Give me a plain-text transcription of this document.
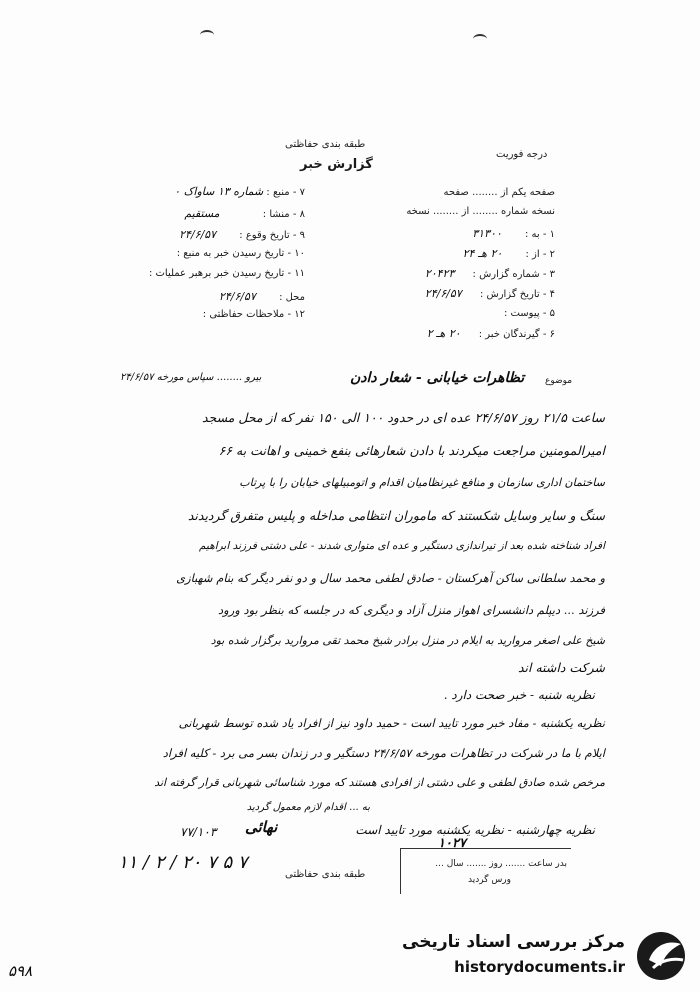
درجه فوریت
طبقه بندی حفاظتی
گزارش خبر
۷ - منبع : شماره ۱۳ ساواک ۰
۸ - منشا : مستقیم
۹ - تاریخ وقوع : ۲۴/۶/۵۷
۱۰ - تاریخ رسیدن خبر به منبع :
۱۱ - تاریخ رسیدن خبر برهبر عملیات :
محل : ۲۴/۶/۵۷
۱۲ - ملاحظات حفاظتی :
صفحه یکم از ........ صفحه
نسخه شماره ........ از ........ نسخه
۱ - به : ۳۱۳۰۰
۲ - از : ۲۰ هـ ۲۴
۳ - شماره گزارش : ۲۰۴۲۳
۴ - تاریخ گزارش : ۲۴/۶/۵۷
۵ - پیوست :
۶ - گیرندگان خبر : ۲۰ هـ ۲
موضوع
تظاهرات خیابانی - شعار دادن
بیرو ........ سپاس مورخه ۲۴/۶/۵۷
ساعت ۲۱/۵ روز ۲۴/۶/۵۷ عده ای در حدود ۱۰۰ الی ۱۵۰ نفر که از محل مسجد
امیرالمومنین مراجعت میکردند با دادن شعارهائی بنفع خمینی و اهانت به ۶۶
ساختمان اداری سازمان و منافع غیرنظامیان اقدام و اتومبیلهای خیابان را با پرتاب
سنگ و سایر وسایل شکستند که ماموران انتظامی مداخله و پلیس متفرق گردیدند
افراد شناخته شده بعد از تیراندازی دستگیر و عده ای متواری شدند - علی دشتی فرزند ابراهیم
و محمد سلطانی ساکن آهرکستان - صادق لطفی محمد سال و دو نفر دیگر که بنام شهبازی
فرزند ... دیپلم دانشسرای اهواز منزل آزاد و دیگری که در جلسه که بنظر بود ورود
شیخ علی اصغر مروارید به ایلام در منزل برادر شیخ محمد تقی مروارید برگزار شده بود
شرکت داشته اند
نظریه شنبه - خبر صحت دارد .
نظریه یکشنبه - مفاد خبر مورد تایید است - حمید داود نیز از افراد یاد شده توسط شهربانی
ایلام با ما در شرکت در تظاهرات مورخه ۲۴/۶/۵۷ دستگیر و در زندان بسر می برد - کلیه افراد
مرخص شده صادق لطفی و علی دشتی از افرادی هستند که مورد شناسائی شهربانی قرار گرفته اند
به ... اقدام لازم معمول گردید
نظریه چهارشنبه - نظریه یکشنبه مورد تایید است
نهائی
۱۱ / ۲ / ۲۰ ۷ ۵ ۷
طبقه بندی حفاظتی
۷۷/۱۰۳
بدر ساعت ....... روز ....... سال ...
ورس گردید
۱۰۲۷
۵۹۸
مرکز بررسی اسناد تاریخی
historydocuments.ir
